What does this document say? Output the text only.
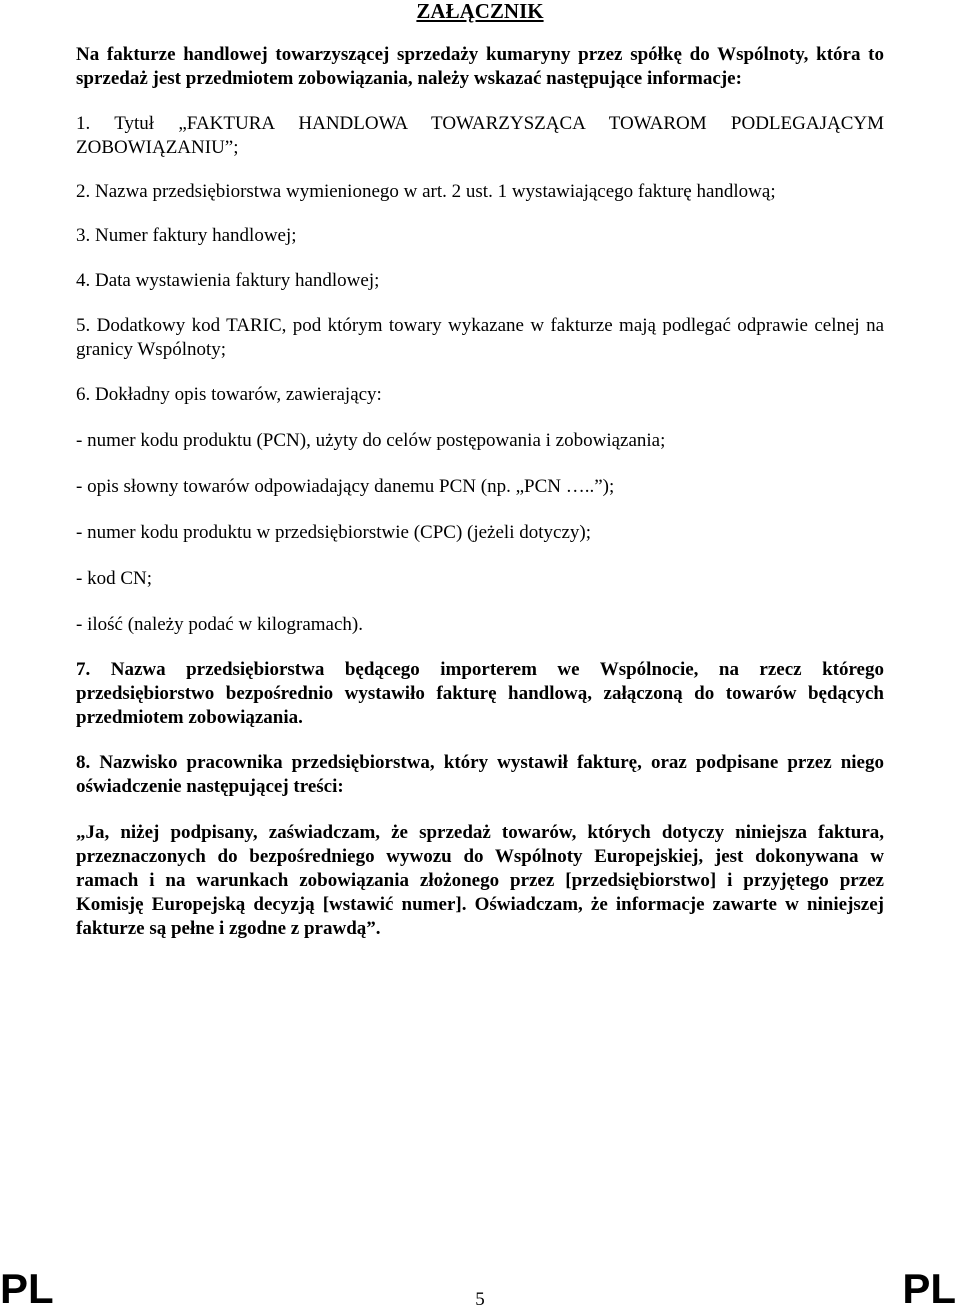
ZAŁĄCZNIK

Na fakturze handlowej towarzyszącej sprzedaży kumaryny przez spółkę do Wspólnoty, która to sprzedaż jest przedmiotem zobowiązania, należy wskazać następujące informacje:

1. Tytuł „FAKTURA HANDLOWA TOWARZYSZĄCA TOWAROM PODLEGAJĄCYM ZOBOWIĄZANIU”;

2. Nazwa przedsiębiorstwa wymienionego w art. 2 ust. 1 wystawiającego fakturę handlową;

3. Numer faktury handlowej;

4. Data wystawienia faktury handlowej;

5. Dodatkowy kod TARIC, pod którym towary wykazane w fakturze mają podlegać odprawie celnej na granicy Wspólnoty;

6. Dokładny opis towarów, zawierający:

- numer kodu produktu (PCN), użyty do celów postępowania i zobowiązania;

- opis słowny towarów odpowiadający danemu PCN (np. „PCN …..”);

- numer kodu produktu w przedsiębiorstwie (CPC) (jeżeli dotyczy);

- kod CN;

- ilość (należy podać w kilogramach).

7. Nazwa przedsiębiorstwa będącego importerem we Wspólnocie, na rzecz którego przedsiębiorstwo bezpośrednio wystawiło fakturę handlową, załączoną do towarów będących przedmiotem zobowiązania.

8. Nazwisko pracownika przedsiębiorstwa, który wystawił fakturę, oraz podpisane przez niego oświadczenie następującej treści:

„Ja, niżej podpisany, zaświadczam, że sprzedaż towarów, których dotyczy niniejsza faktura, przeznaczonych do bezpośredniego wywozu do Wspólnoty Europejskiej, jest dokonywana w ramach i na warunkach zobowiązania złożonego przez [przedsiębiorstwo] i przyjętego przez Komisję Europejską decyzją [wstawić numer]. Oświadczam, że informacje zawarte w niniejszej fakturze są pełne i zgodne z prawdą”.

PL	5	PL
